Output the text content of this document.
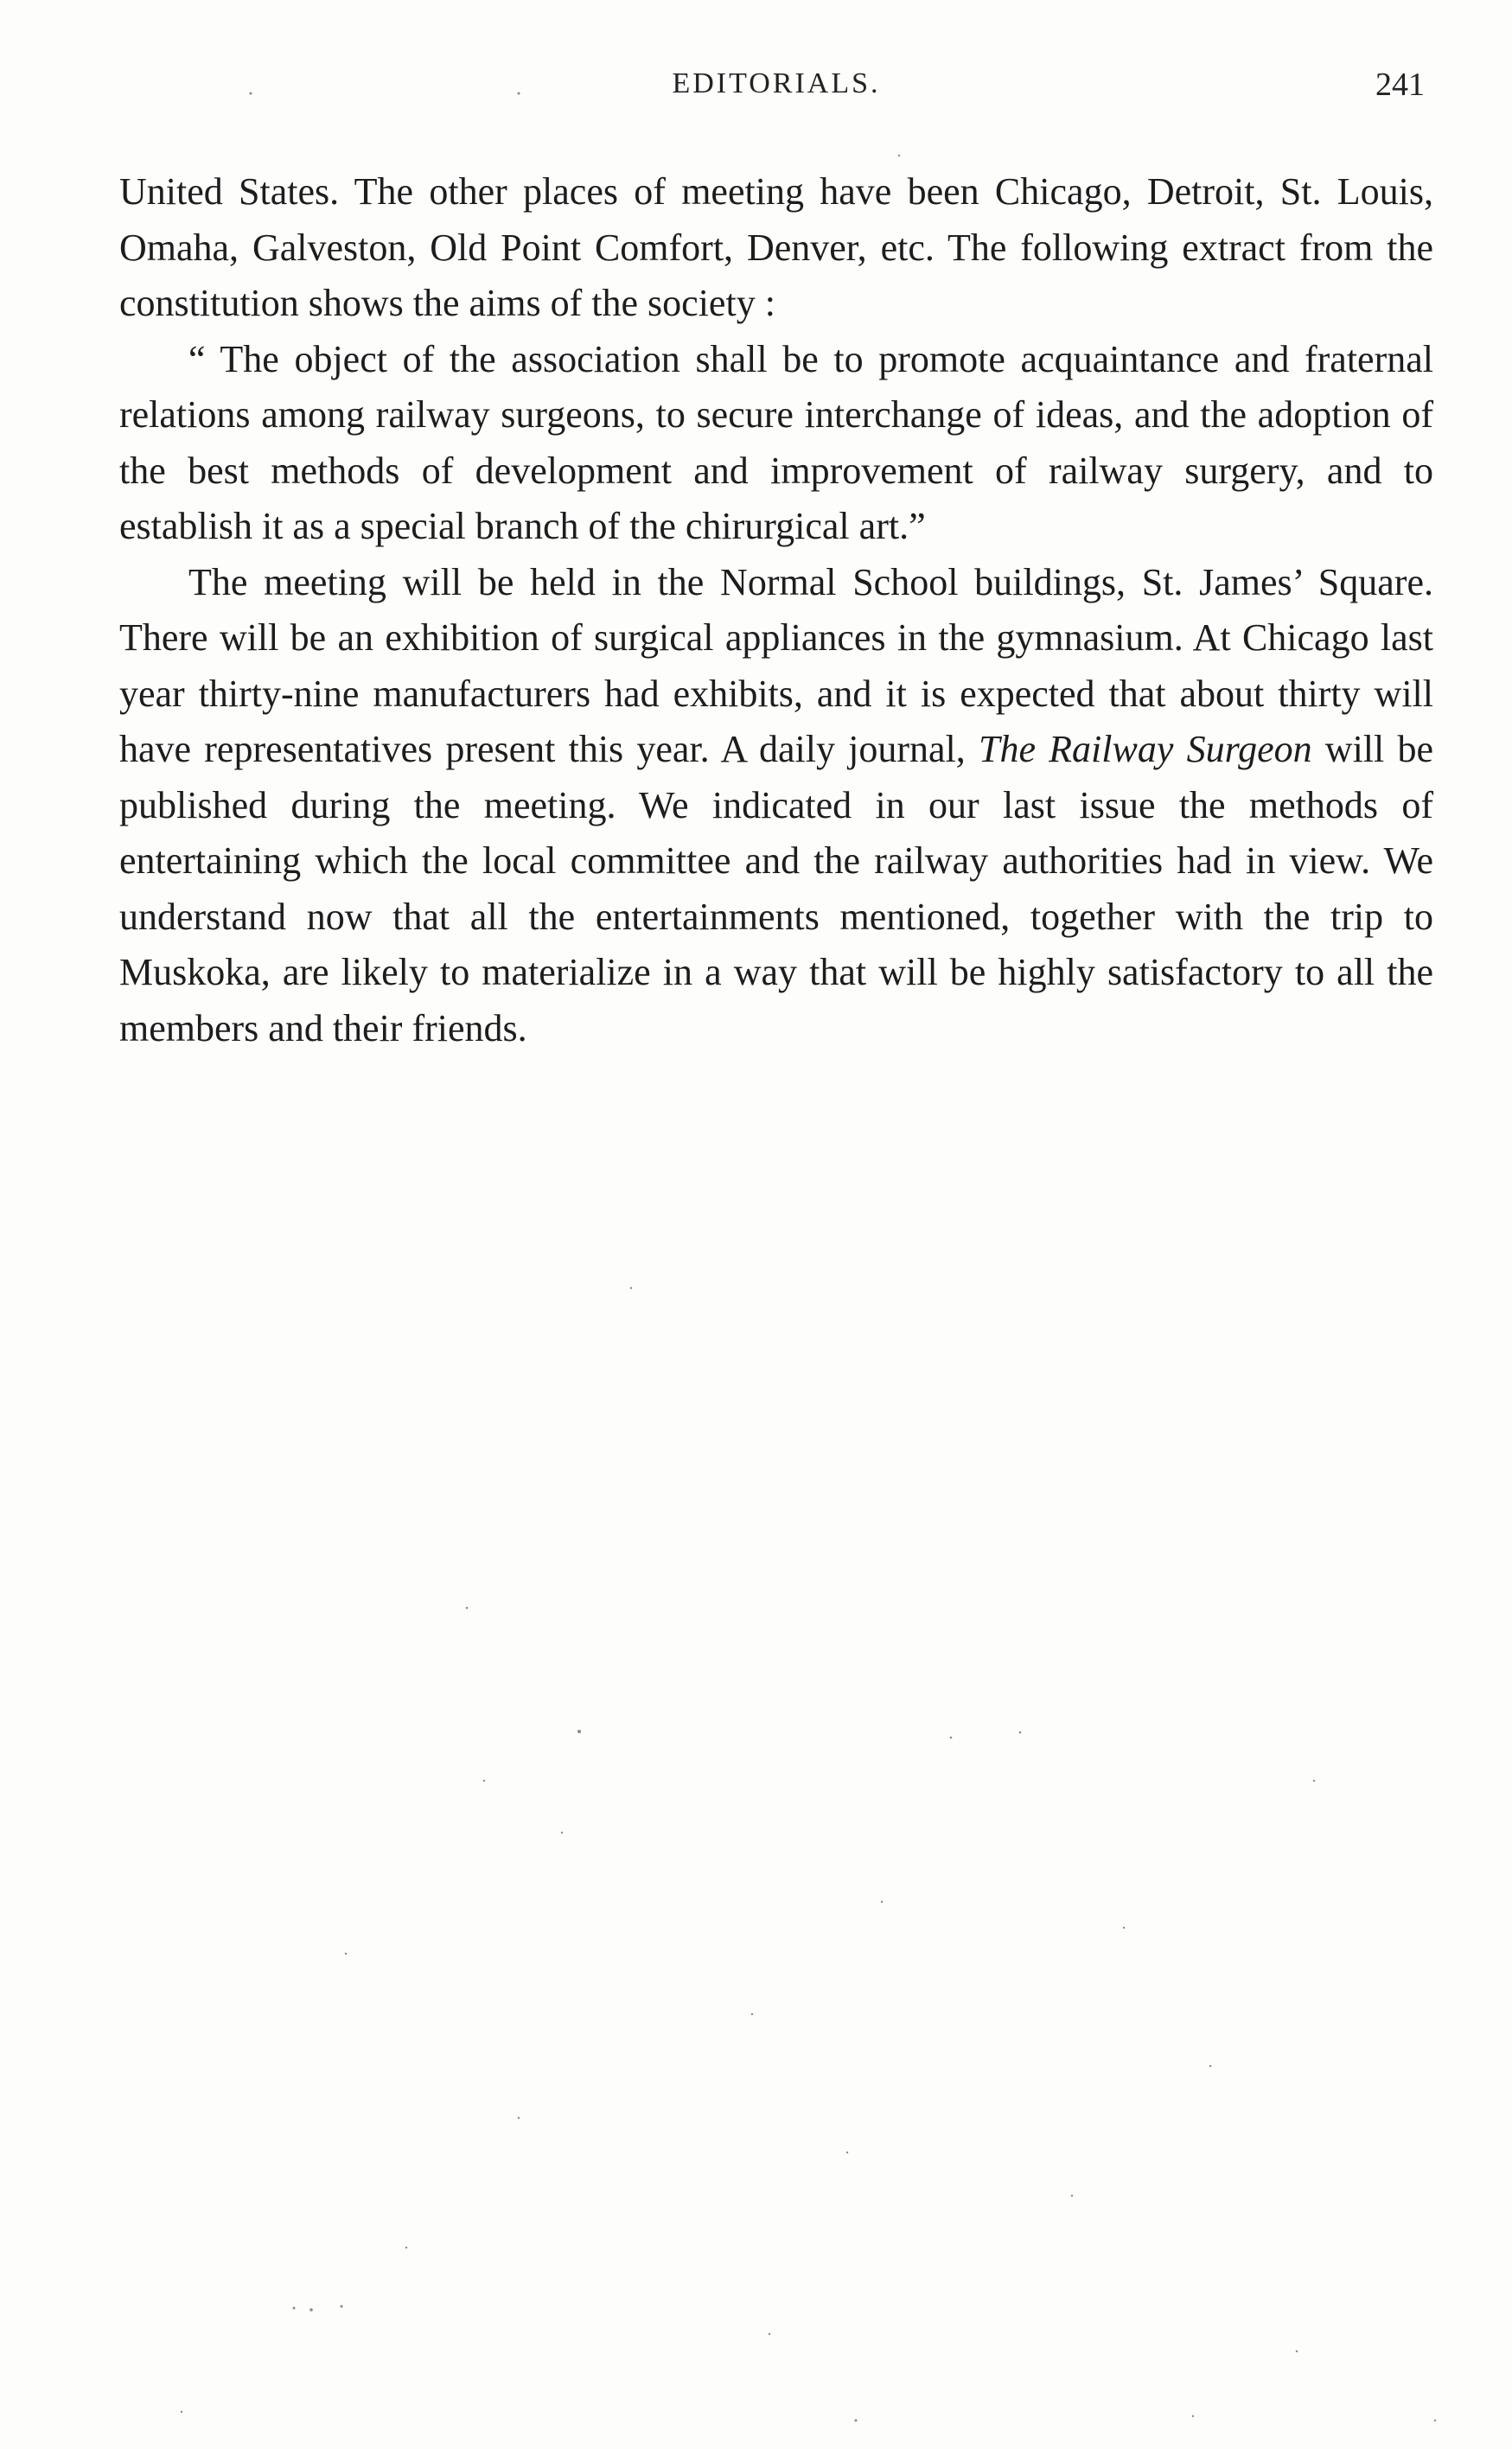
EDITORIALS.	241

United States. The other places of meeting have been Chicago, Detroit, St. Louis, Omaha, Galveston, Old Point Comfort, Denver, etc. The following extract from the constitution shows the aims of the society :

“ The object of the association shall be to promote acquaintance and fraternal relations among railway surgeons, to secure interchange of ideas, and the adoption of the best methods of development and improvement of railway surgery, and to establish it as a special branch of the chirurgical art.”

The meeting will be held in the Normal School buildings, St. James’ Square. There will be an exhibition of surgical appliances in the gymnasium. At Chicago last year thirty-nine manufacturers had exhibits, and it is expected that about thirty will have representatives present this year. A daily journal, The Railway Surgeon will be published during the meeting. We indicated in our last issue the methods of entertaining which the local committee and the railway authorities had in view. We understand now that all the entertainments mentioned, together with the trip to Muskoka, are likely to materialize in a way that will be highly satisfactory to all the members and their friends.
